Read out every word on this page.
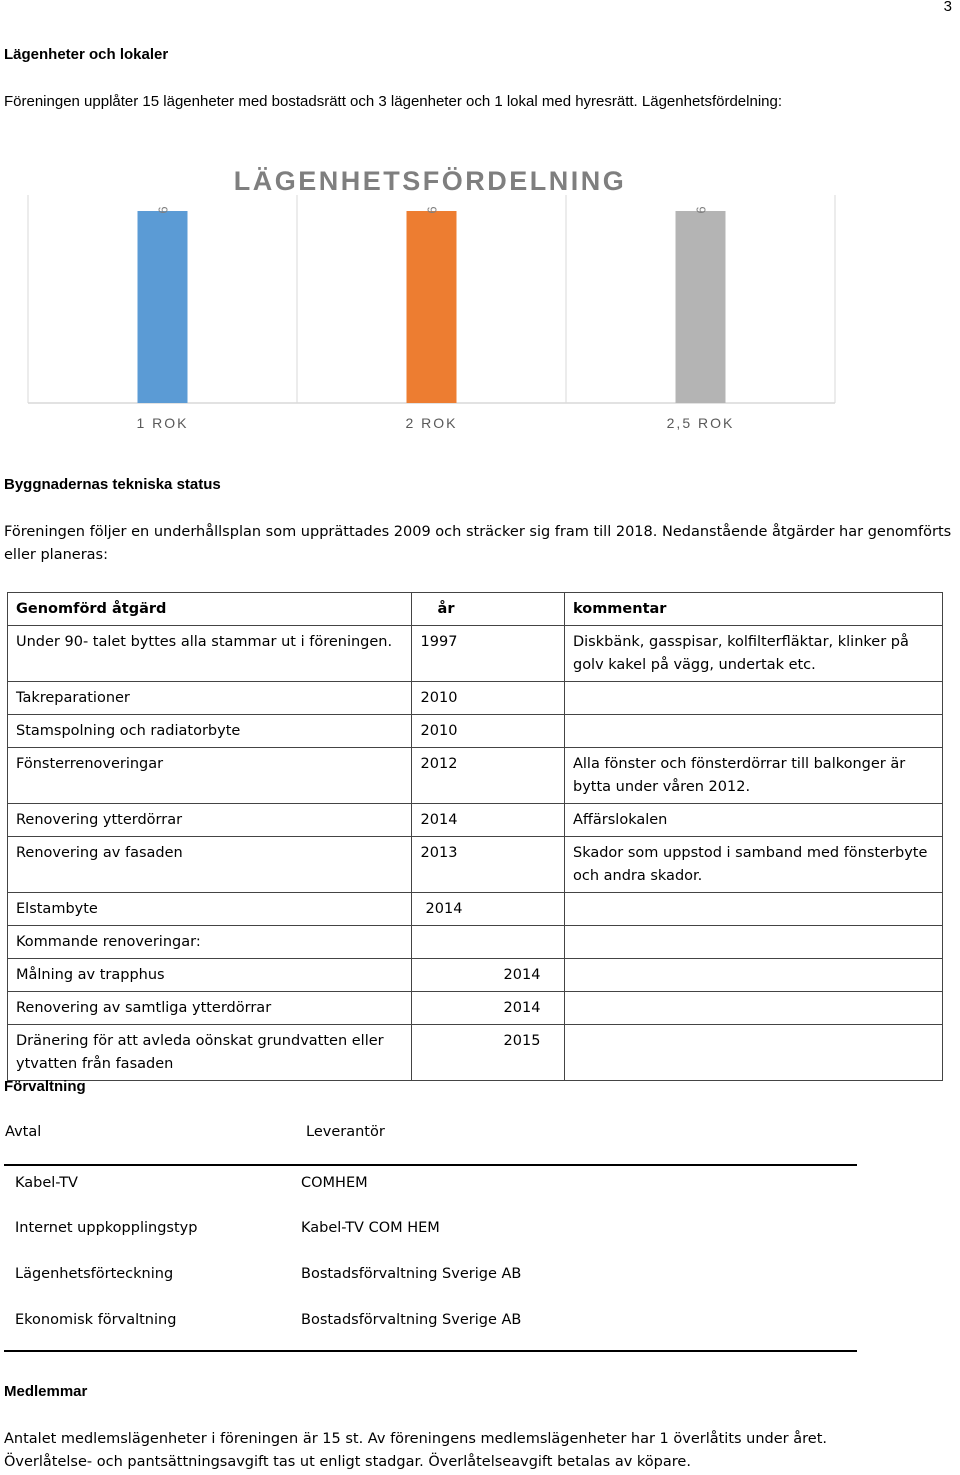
3
Lägenheter och lokaler
Föreningen upplåter 15 lägenheter med bostadsrätt och 3 lägenheter och 1 lokal med hyresrätt. Lägenhetsfördelning:
LÄGENHETSFÖRDELNING
6
1 ROK
6
2 ROK
6
2,5 ROK
Byggnadernas tekniska status
Föreningen följer en underhållsplan som upprättades 2009 och sträcker sig fram till 2018. Nedanstående åtgärder har genomförts
eller planeras:
Genomförd åtgärd	år	kommentar
Under 90- talet byttes alla stammar ut i föreningen.	1997	Diskbänk, gasspisar, kolfilterfläktar, klinker på golv kakel på vägg, undertak etc.
Takreparationer	2010	
Stamspolning och radiatorbyte	2010	
Fönsterrenoveringar	2012	Alla fönster och fönsterdörrar till balkonger är bytta under våren 2012.
Renovering ytterdörrar	2014	Affärslokalen
Renovering av fasaden	2013	Skador som uppstod i samband med fönsterbyte och andra skador.
Elstambyte	2014	
Kommande renoveringar:		
Målning av trapphus	2014	
Renovering av samtliga ytterdörrar	2014	
Dränering för att avleda oönskat grundvatten eller ytvatten från fasaden	2015	
Förvaltning
Avtal	Leverantör
Kabel-TV	COMHEM
Internet uppkopplingstyp	Kabel-TV COM HEM
Lägenhetsförteckning	Bostadsförvaltning Sverige AB
Ekonomisk förvaltning	Bostadsförvaltning Sverige AB
Medlemmar
Antalet medlemslägenheter i föreningen är 15 st. Av föreningens medlemslägenheter har 1 överlåtits under året.
Överlåtelse- och pantsättningsavgift tas ut enligt stadgar. Överlåtelseavgift betalas av köpare.
